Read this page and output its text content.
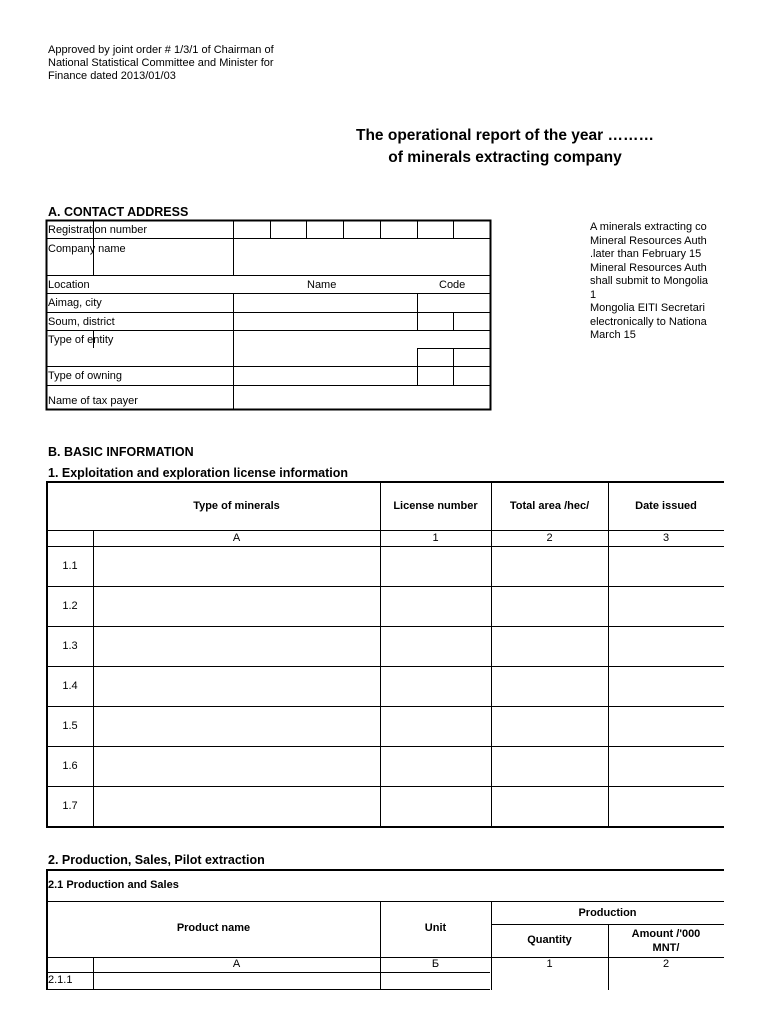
Approved by joint order # 1/3/1 of Chairman of
National Statistical Committee and Minister for
Finance dated 2013/01/03
The operational report of the year ………
of minerals extracting company
A. CONTACT ADDRESS
A minerals extracting co
Mineral Resources Auth
.later than February 15
Mineral Resources Auth
shall submit to Mongolia
1
Mongolia EITI Secretari
electronically to Nationa
March 15
Registration number
Company name
Location	Name	Code
Aimag, city
Soum, district
Type of entity
Type of owning
Name of tax payer
B. BASIC INFORMATION
1. Exploitation and exploration license information
Type of minerals	License number	Total area /hec/	Date issued
A	1	2	3
1.1
1.2
1.3
1.4
1.5
1.6
1.7
2. Production, Sales, Pilot extraction
2.1 Production and Sales
Product name	Unit
Production
Quantity	Amount /'000
MNT/
A	Б	1	2
2.1.1
